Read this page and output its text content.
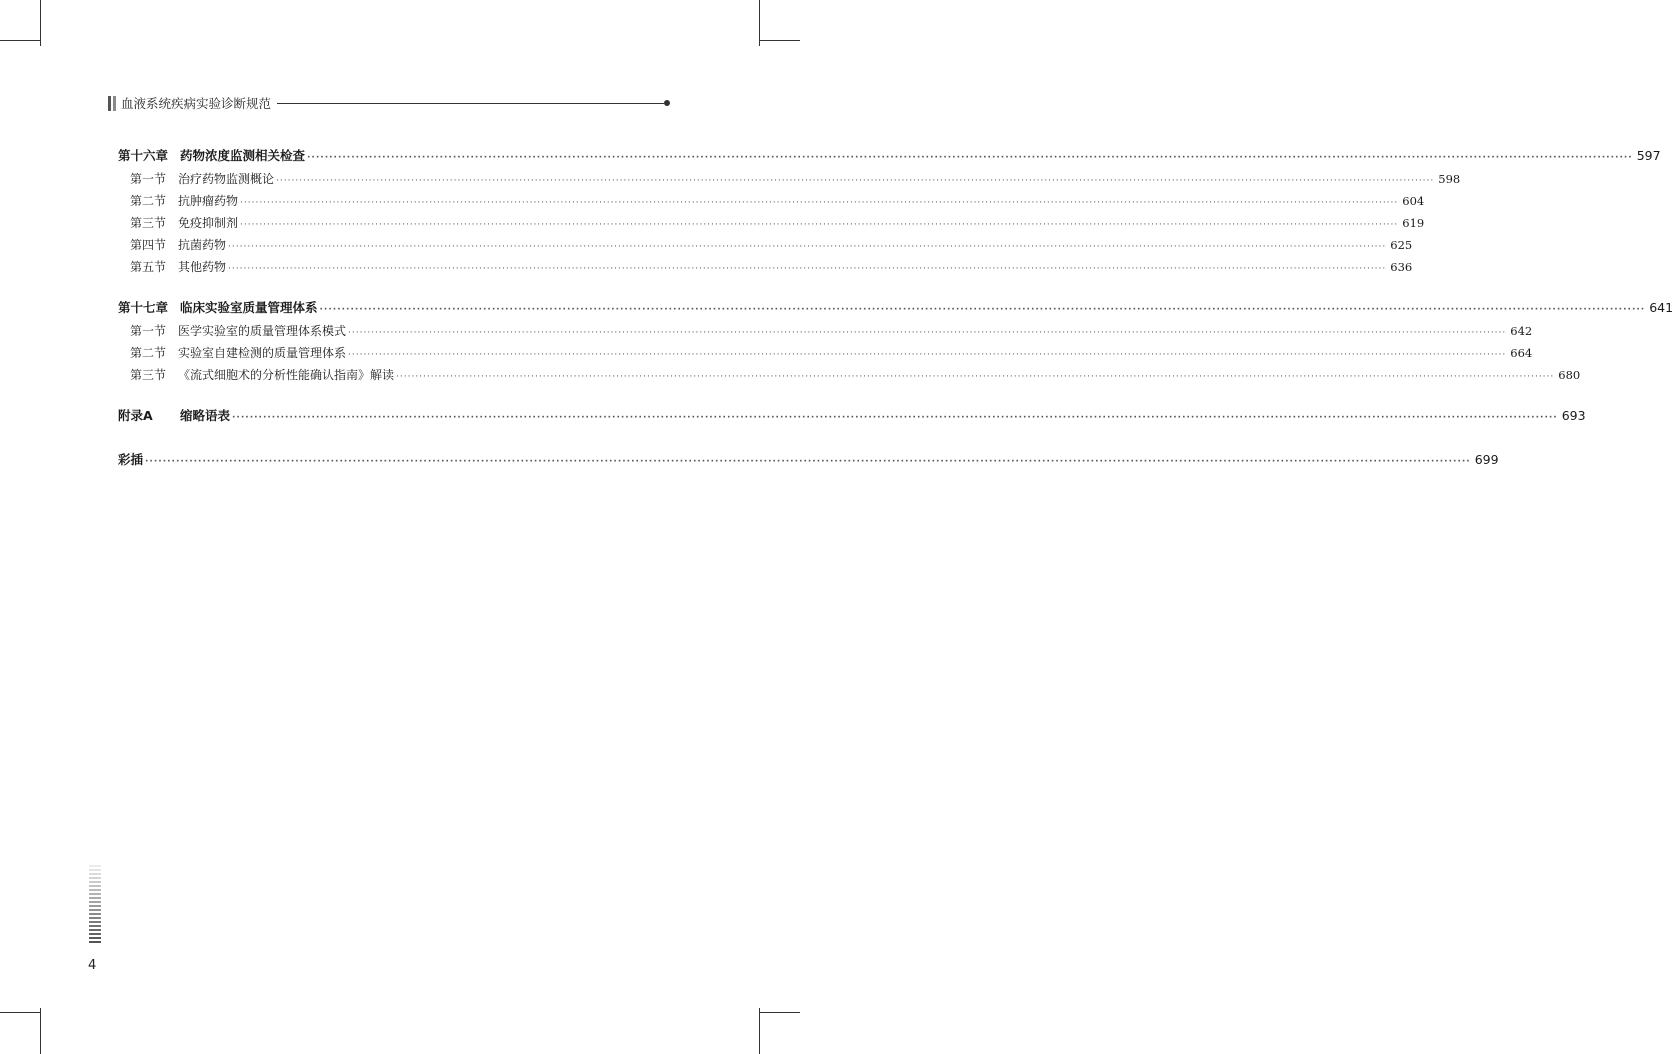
血液系统疾病实验诊断规范
第十六章 药物浓度监测相关检查 ············································································································································································································································································································ 597
第一节 治疗药物监测概论 ············································································································································································································································································································ 598
第二节 抗肿瘤药物 ············································································································································································································································································································ 604
第三节 免疫抑制剂 ············································································································································································································································································································ 619
第四节 抗菌药物 ············································································································································································································································································································ 625
第五节 其他药物 ············································································································································································································································································································ 636
第十七章 临床实验室质量管理体系 ············································································································································································································································································································ 641
第一节 医学实验室的质量管理体系模式 ············································································································································································································································································································ 642
第二节 实验室自建检测的质量管理体系 ············································································································································································································································································································ 664
第三节 《流式细胞术的分析性能确认指南》解读 ············································································································································································································································································································ 680
附录A 缩略语表 ············································································································································································································································································································ 693
彩插 ············································································································································································································································································································ 699
4
